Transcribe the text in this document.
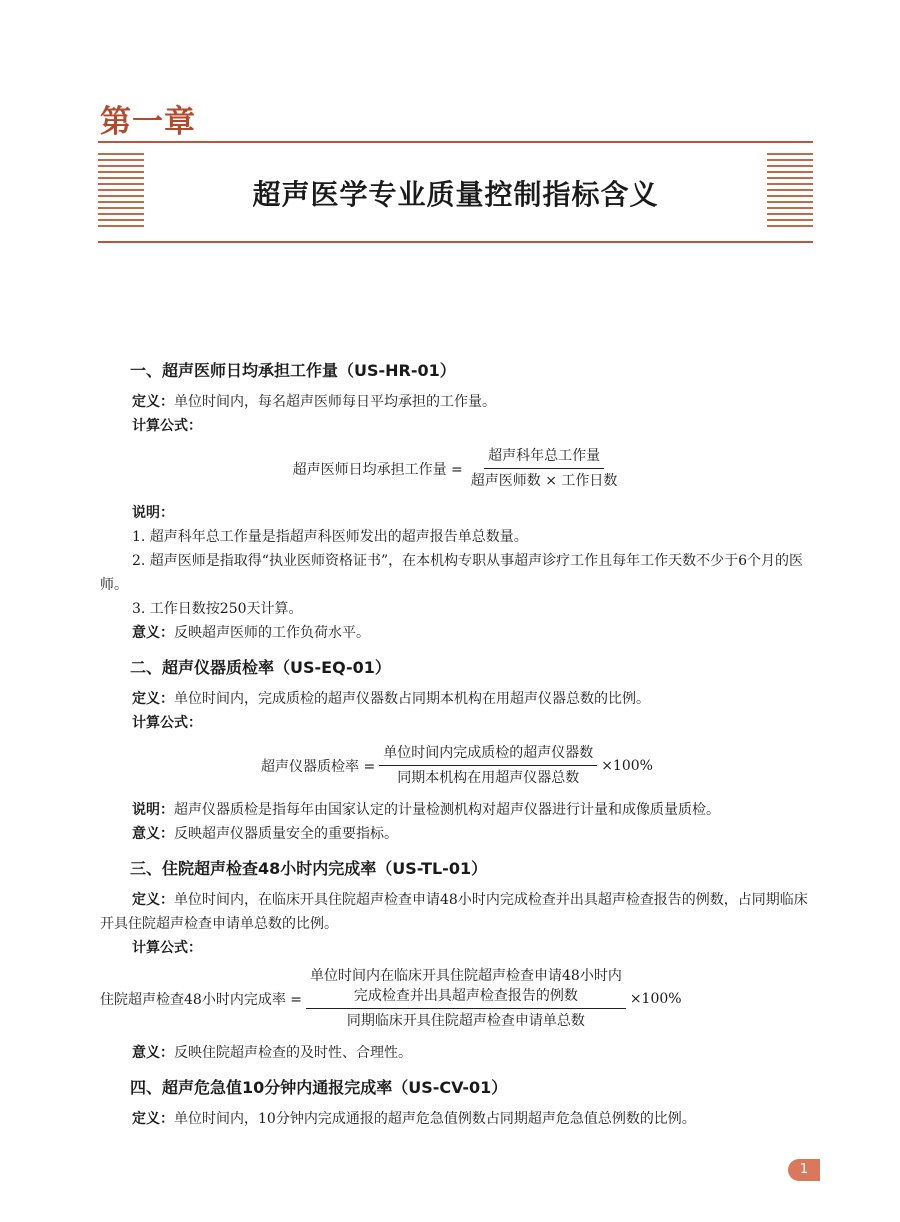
第一章
超声医学专业质量控制指标含义
一、超声医师日均承担工作量（US-HR-01）

定义：单位时间内，每名超声医师每日平均承担的工作量。

计算公式：

超声医师日均承担工作量 = $\frac{\text{超声科年总工作量}}{\text{超声医师数 × 工作日数}}$

说明：

1. 超声科年总工作量是指超声科医师发出的超声报告单总数量。

2. 超声医师是指取得“执业医师资格证书”，在本机构专职从事超声诊疗工作且每年工作天数不少于6个月的医师。

3. 工作日数按250天计算。

意义：反映超声医师的工作负荷水平。

二、超声仪器质检率（US-EQ-01）

定义：单位时间内，完成质检的超声仪器数占同期本机构在用超声仪器总数的比例。

计算公式：

超声仪器质检率 = $\frac{\text{单位时间内完成质检的超声仪器数}}{\text{同期本机构在用超声仪器总数}} \times 100\%$

说明：超声仪器质检是指每年由国家认定的计量检测机构对超声仪器进行计量和成像质量质检。

意义：反映超声仪器质量安全的重要指标。

三、住院超声检查48小时内完成率（US-TL-01）

定义：单位时间内，在临床开具住院超声检查申请48小时内完成检查并出具超声检查报告的例数，占同期临床开具住院超声检查申请单总数的比例。

计算公式：

住院超声检查48小时内完成率 =
单位时间内在临床开具住院超声检查申请48小时内
完成检查并出具超声检查报告的例数
同期临床开具住院超声检查申请单总数
×100%

意义：反映住院超声检查的及时性、合理性。

四、超声危急值10分钟内通报完成率（US-CV-01）

定义：单位时间内，10分钟内完成通报的超声危急值例数占同期超声危急值总例数的比例。

1
